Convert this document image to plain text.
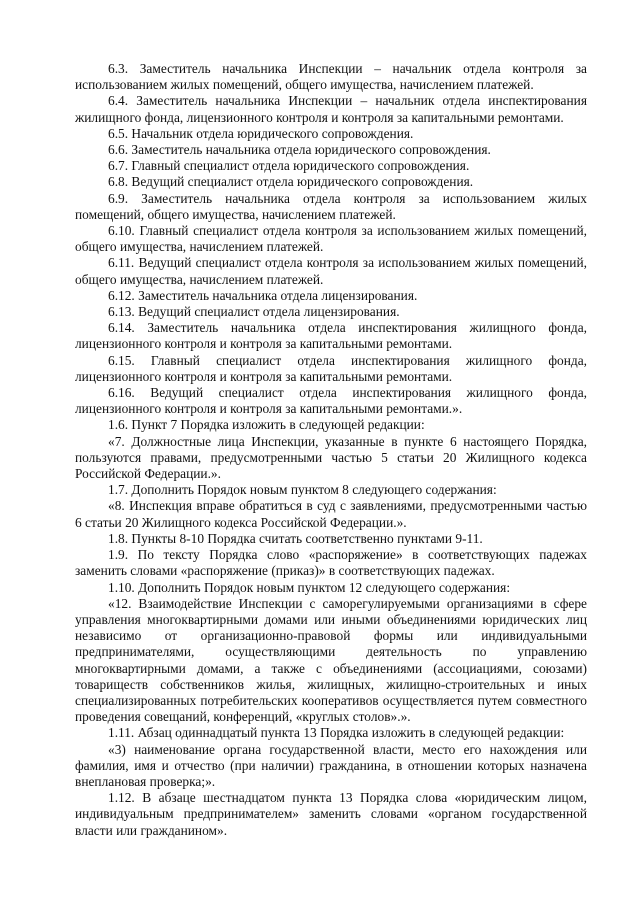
6.3. Заместитель начальника Инспекции – начальник отдела контроля за использованием жилых помещений, общего имущества, начислением платежей.

6.4. Заместитель начальника Инспекции – начальник отдела инспектирования жилищного фонда, лицензионного контроля и контроля за капитальными ремонтами.

6.5. Начальник отдела юридического сопровождения.

6.6. Заместитель начальника отдела юридического сопровождения.

6.7. Главный специалист отдела юридического сопровождения.

6.8. Ведущий специалист отдела юридического сопровождения.

6.9. Заместитель начальника отдела контроля за использованием жилых помещений, общего имущества, начислением платежей.

6.10. Главный специалист отдела контроля за использованием жилых помещений, общего имущества, начислением платежей.

6.11. Ведущий специалист отдела контроля за использованием жилых помещений, общего имущества, начислением платежей.

6.12. Заместитель начальника отдела лицензирования.

6.13. Ведущий специалист отдела лицензирования.

6.14. Заместитель начальника отдела инспектирования жилищного фонда, лицензионного контроля и контроля за капитальными ремонтами.

6.15. Главный специалист отдела инспектирования жилищного фонда, лицензионного контроля и контроля за капитальными ремонтами.

6.16. Ведущий специалист отдела инспектирования жилищного фонда, лицензионного контроля и контроля за капитальными ремонтами.».

1.6. Пункт 7 Порядка изложить в следующей редакции:

«7. Должностные лица Инспекции, указанные в пункте 6 настоящего Порядка, пользуются правами, предусмотренными частью 5 статьи 20 Жилищного кодекса Российской Федерации.».

1.7. Дополнить Порядок новым пунктом 8 следующего содержания:

«8. Инспекция вправе обратиться в суд с заявлениями, предусмотренными частью 6 статьи 20 Жилищного кодекса Российской Федерации.».

1.8. Пункты 8-10 Порядка считать соответственно пунктами 9-11.

1.9. По тексту Порядка слово «распоряжение» в соответствующих падежах заменить словами «распоряжение (приказ)» в соответствующих падежах.

1.10. Дополнить Порядок новым пунктом 12 следующего содержания:

«12. Взаимодействие Инспекции с саморегулируемыми организациями в сфере управления многоквартирными домами или иными объединениями юридических лиц независимо от организационно-правовой формы или индивидуальными предпринимателями, осуществляющими деятельность по управлению многоквартирными домами, а также с объединениями (ассоциациями, союзами) товариществ собственников жилья, жилищных, жилищно-строительных и иных специализированных потребительских кооперативов осуществляется путем совместного проведения совещаний, конференций, «круглых столов».».

1.11. Абзац одиннадцатый пункта 13 Порядка изложить в следующей редакции:

«3) наименование органа государственной власти, место его нахождения или фамилия, имя и отчество (при наличии) гражданина, в отношении которых назначена внеплановая проверка;».

1.12. В абзаце шестнадцатом пункта 13 Порядка слова «юридическим лицом, индивидуальным предпринимателем» заменить словами «органом государственной власти или гражданином».
